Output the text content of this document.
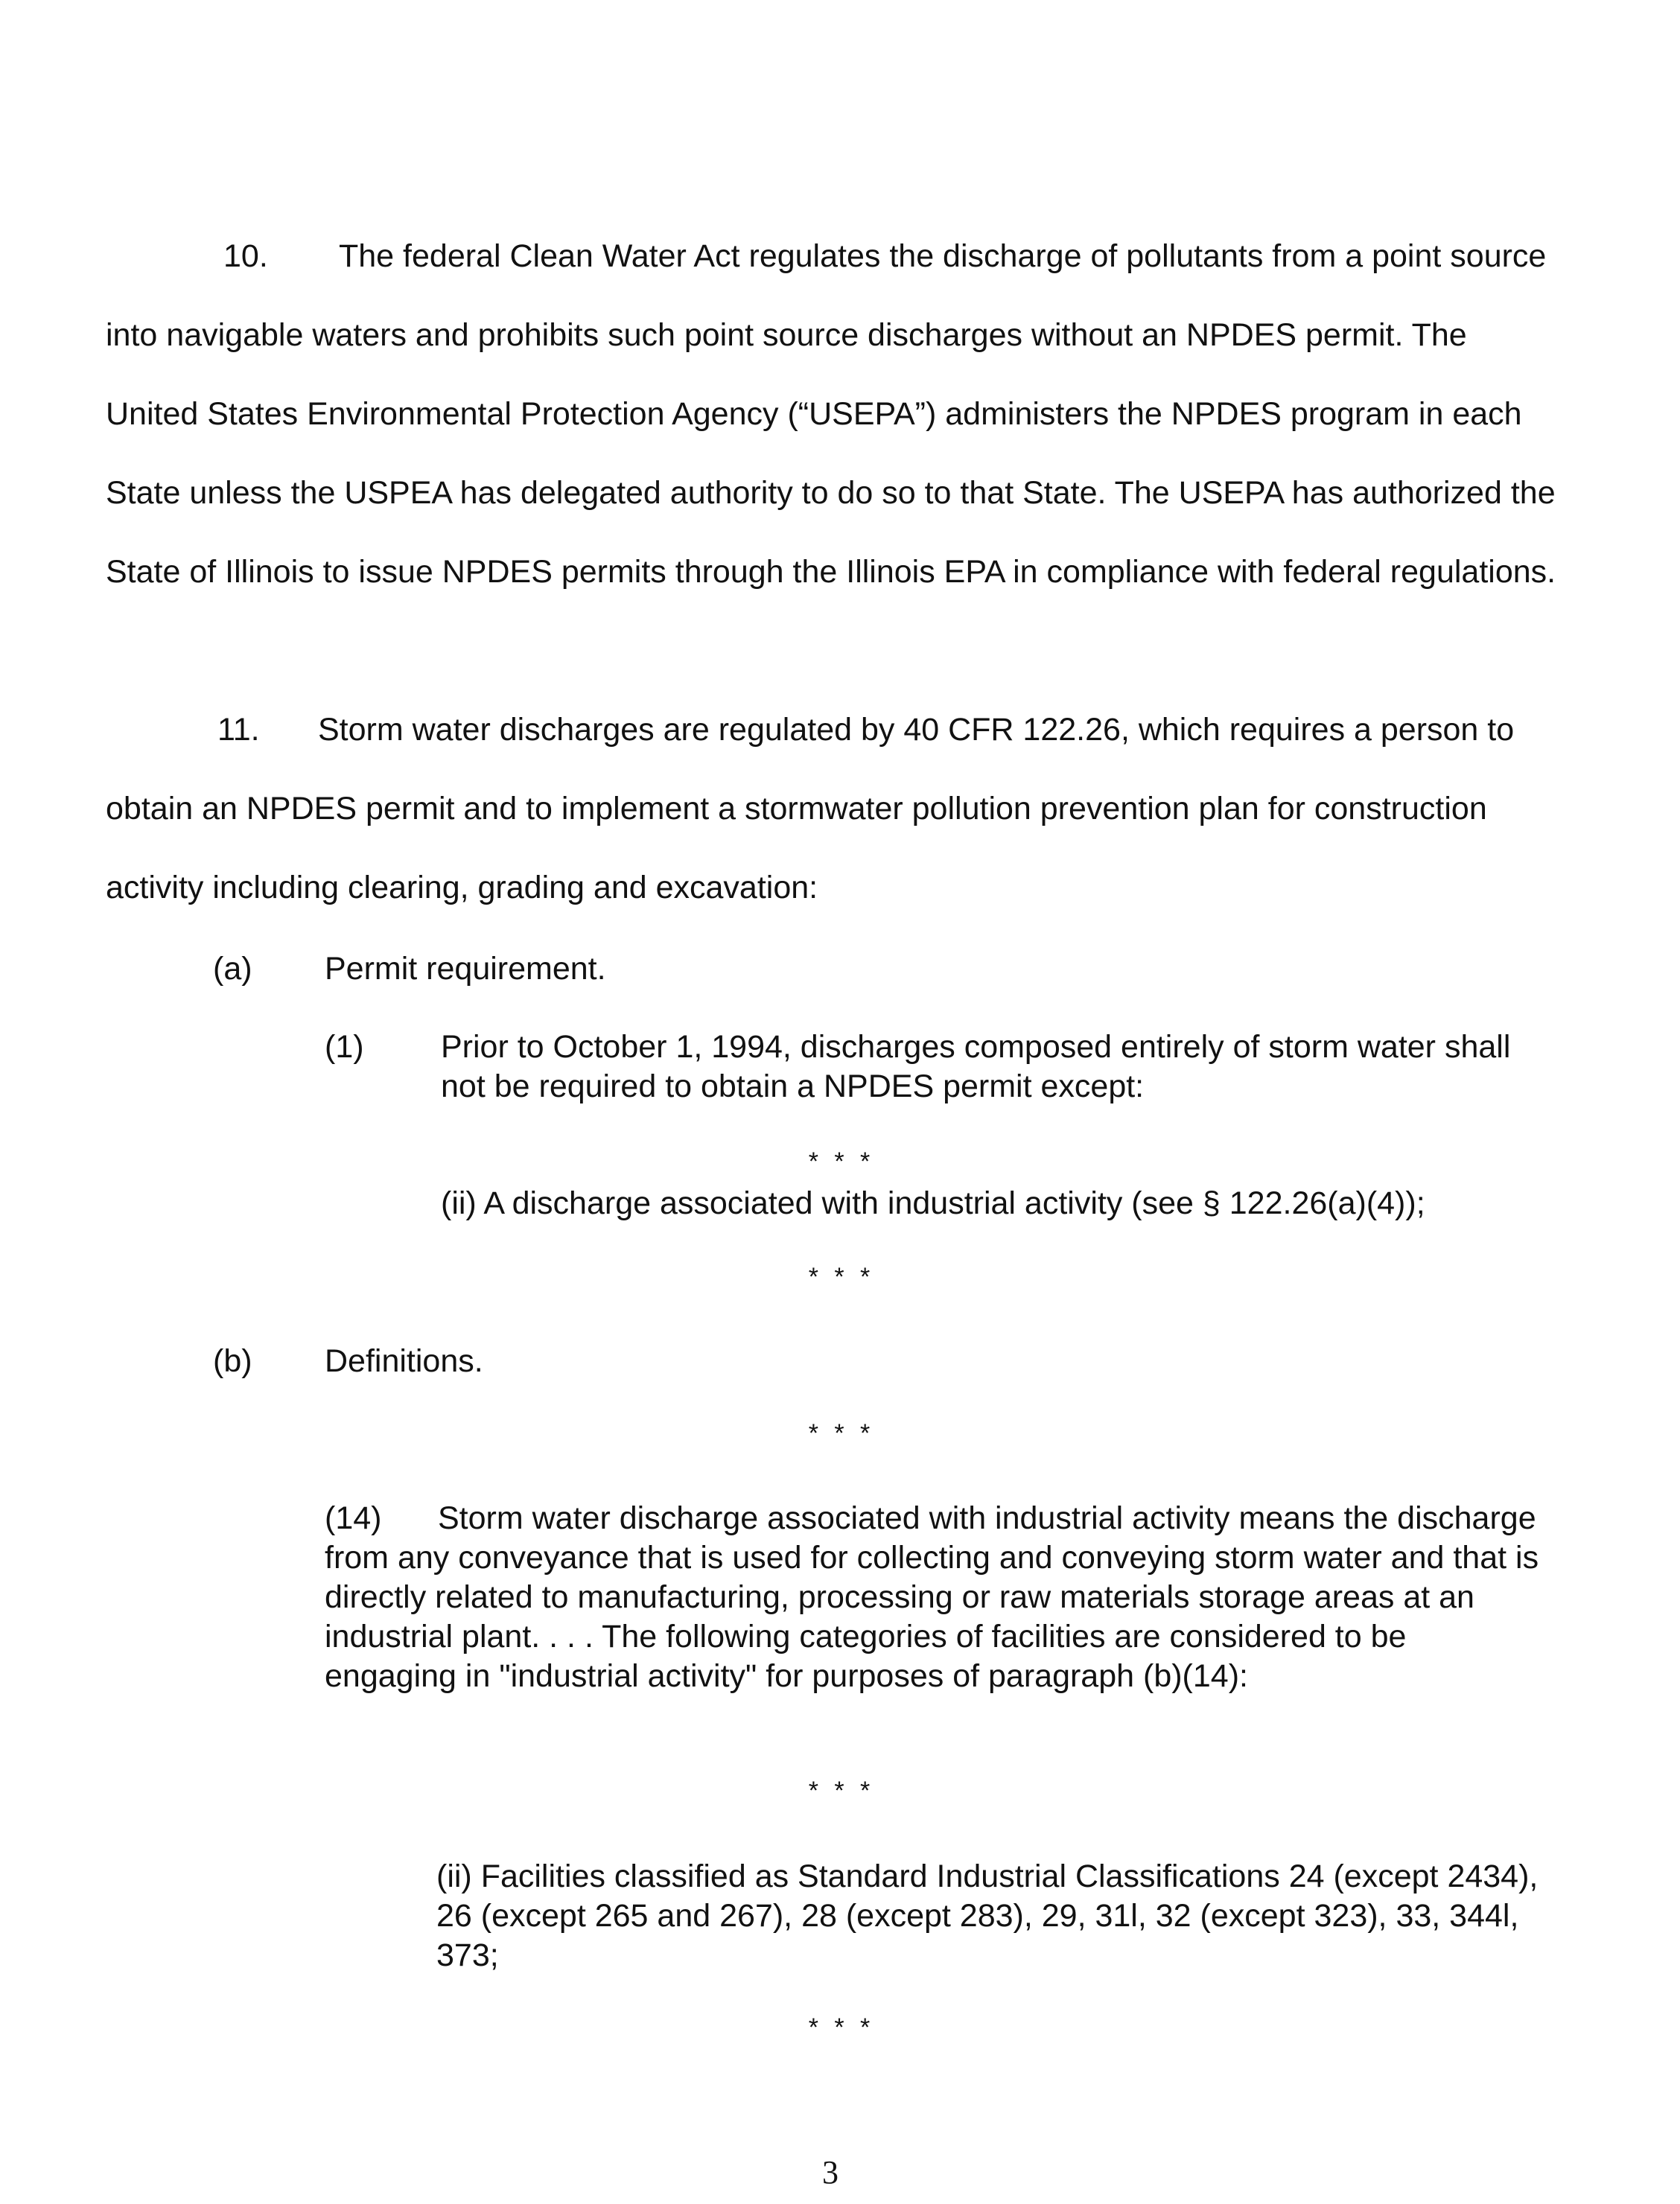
10. The federal Clean Water Act regulates the discharge of pollutants from a point source into navigable waters and prohibits such point source discharges without an NPDES permit. The United States Environmental Protection Agency (“USEPA”) administers the NPDES program in each State unless the USPEA has delegated authority to do so to that State. The USEPA has authorized the State of Illinois to issue NPDES permits through the Illinois EPA in compliance with federal regulations.

11. Storm water discharges are regulated by 40 CFR 122.26, which requires a person to obtain an NPDES permit and to implement a stormwater pollution prevention plan for construction activity including clearing, grading and excavation:

(a) Permit requirement.

(1) Prior to October 1, 1994, discharges composed entirely of storm water shall not be required to obtain a NPDES permit except:

* * *

(ii) A discharge associated with industrial activity (see § 122.26(a)(4));

* * *

(b) Definitions.

* * *

(14) Storm water discharge associated with industrial activity means the discharge from any conveyance that is used for collecting and conveying storm water and that is directly related to manufacturing, processing or raw materials storage areas at an industrial plant. . . . The following categories of facilities are considered to be engaging in "industrial activity" for purposes of paragraph (b)(14):

* * *

(ii) Facilities classified as Standard Industrial Classifications 24 (except 2434), 26 (except 265 and 267), 28 (except 283), 29, 31l, 32 (except 323), 33, 344l, 373;

* * *

3
